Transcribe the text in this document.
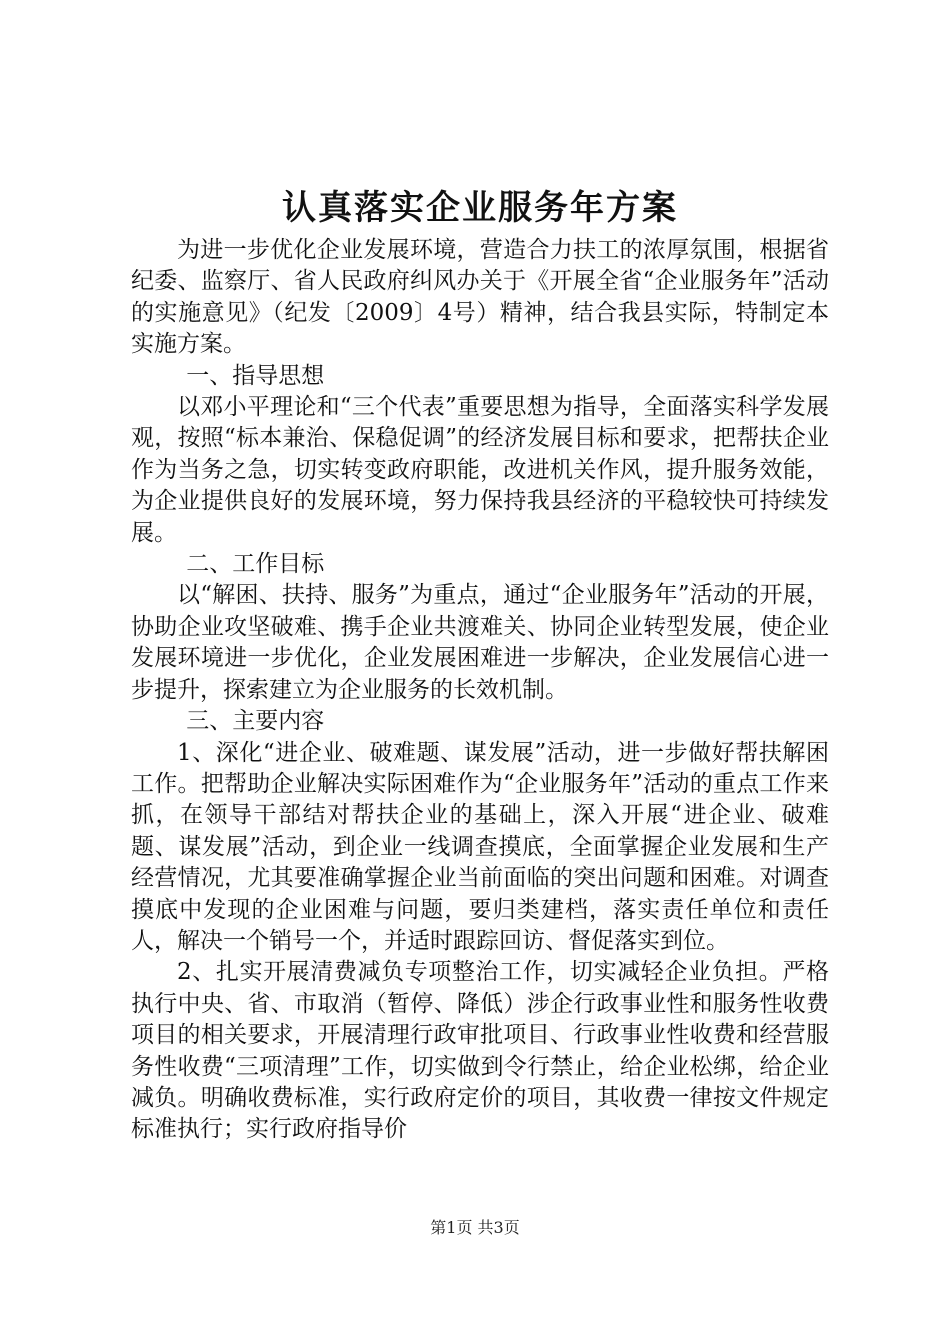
认真落实企业服务年方案

为进一步优化企业发展环境，营造合力扶工的浓厚氛围，根据省纪委、监察厅、省人民政府纠风办关于《开展全省“企业服务年”活动的实施意见》（纪发〔2009〕4号）精神，结合我县实际，特制定本实施方案。

一、指导思想

以邓小平理论和“三个代表”重要思想为指导，全面落实科学发展观，按照“标本兼治、保稳促调”的经济发展目标和要求，把帮扶企业作为当务之急，切实转变政府职能，改进机关作风，提升服务效能，为企业提供良好的发展环境，努力保持我县经济的平稳较快可持续发展。

二、工作目标

以“解困、扶持、服务”为重点，通过“企业服务年”活动的开展，协助企业攻坚破难、携手企业共渡难关、协同企业转型发展，使企业发展环境进一步优化，企业发展困难进一步解决，企业发展信心进一步提升，探索建立为企业服务的长效机制。

三、主要内容

1、深化“进企业、破难题、谋发展”活动，进一步做好帮扶解困工作。把帮助企业解决实际困难作为“企业服务年”活动的重点工作来抓，在领导干部结对帮扶企业的基础上，深入开展“进企业、破难题、谋发展”活动，到企业一线调查摸底，全面掌握企业发展和生产经营情况，尤其要准确掌握企业当前面临的突出问题和困难。对调查摸底中发现的企业困难与问题，要归类建档，落实责任单位和责任人，解决一个销号一个，并适时跟踪回访、督促落实到位。

2、扎实开展清费减负专项整治工作，切实减轻企业负担。严格执行中央、省、市取消（暂停、降低）涉企行政事业性和服务性收费项目的相关要求，开展清理行政审批项目、行政事业性收费和经营服务性收费“三项清理”工作，切实做到令行禁止，给企业松绑，给企业减负。明确收费标准，实行政府定价的项目，其收费一律按文件规定标准执行；实行政府指导价

第1页 共3页
